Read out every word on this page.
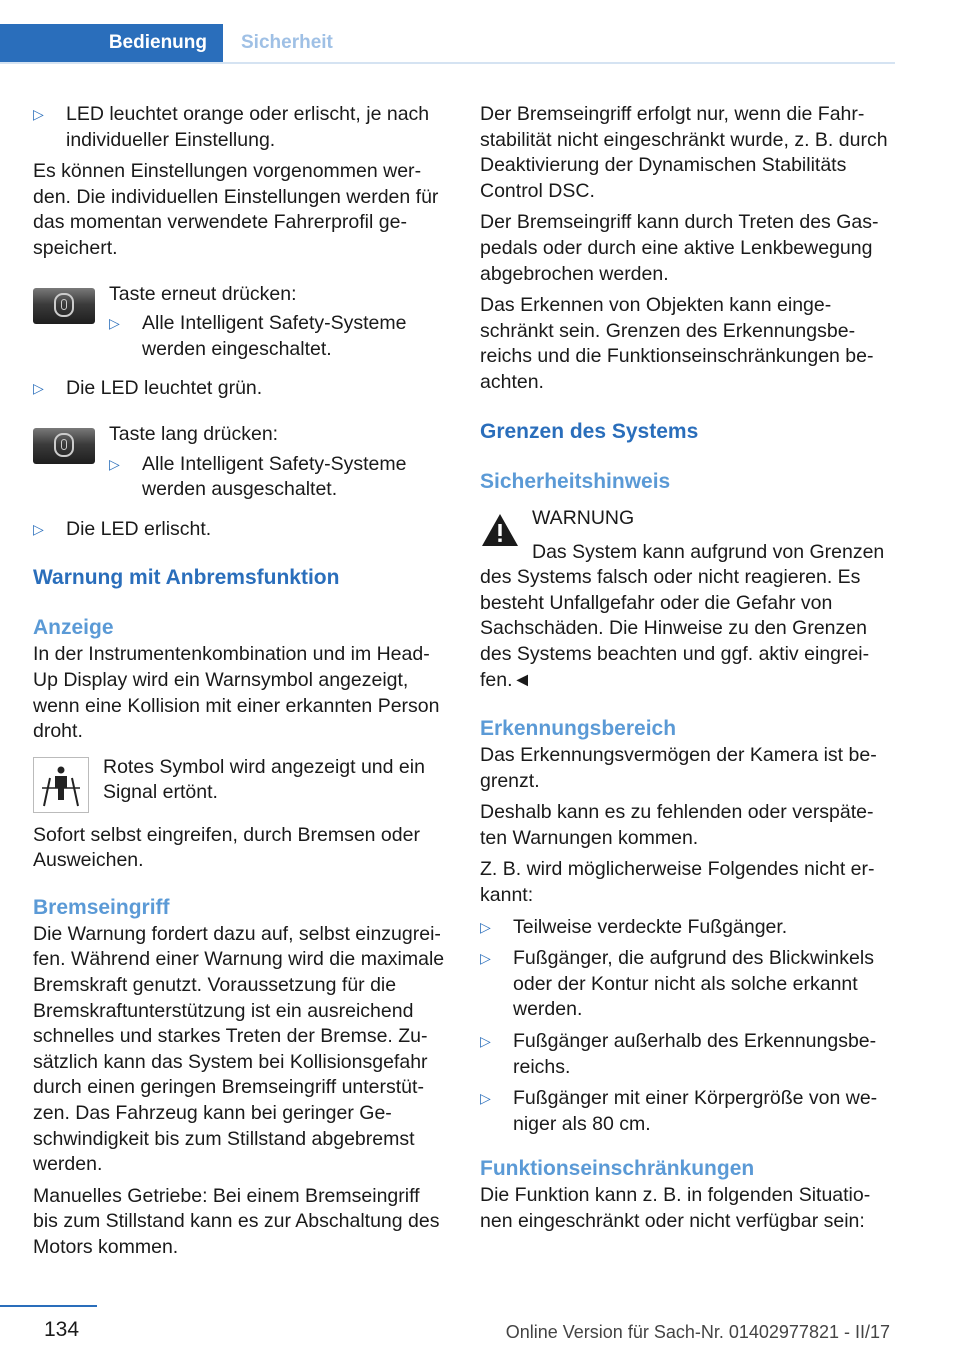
Bedienung	Sicherheit
▷ LED leuchtet orange oder erlischt, je nach individueller Einstellung.

Es können Einstellungen vorgenommen werden. Die individuellen Einstellungen werden für das momentan verwendete Fahrerprofil gespeichert.

Taste erneut drücken:

▷ Alle Intelligent Safety-Systeme werden eingeschaltet.
▷ Die LED leuchtet grün.

Taste lang drücken:

▷ Alle Intelligent Safety-Systeme werden ausgeschaltet.
▷ Die LED erlischt.
Warnung mit Anbremsfunktion
Anzeige

In der Instrumentenkombination und im Head-Up Display wird ein Warnsymbol angezeigt, wenn eine Kollision mit einer erkannten Person droht.

Rotes Symbol wird angezeigt und ein Signal ertönt.

Sofort selbst eingreifen, durch Bremsen oder Ausweichen.

Bremseingriff

Die Warnung fordert dazu auf, selbst einzugreifen. Während einer Warnung wird die maximale Bremskraft genutzt. Voraussetzung für die Bremskraftunterstützung ist ein ausreichend schnelles und starkes Treten der Bremse. Zusätzlich kann das System bei Kollisionsgefahr durch einen geringen Bremseingriff unterstützen. Das Fahrzeug kann bei geringer Geschwindigkeit bis zum Stillstand abgebremst werden.

Manuelles Getriebe: Bei einem Bremseingriff bis zum Stillstand kann es zur Abschaltung des Motors kommen.

Der Bremseingriff erfolgt nur, wenn die Fahrstabilität nicht eingeschränkt wurde, z. B. durch Deaktivierung der Dynamischen Stabilitäts Control DSC.

Der Bremseingriff kann durch Treten des Gaspedals oder durch eine aktive Lenkbewegung abgebrochen werden.

Das Erkennen von Objekten kann eingeschränkt sein. Grenzen des Erkennungsbereichs und die Funktionseinschränkungen beachten.

Grenzen des Systems
Sicherheitshinweis
WARNUNG

Das System kann aufgrund von Grenzen des Systems falsch oder nicht reagieren. Es besteht Unfallgefahr oder die Gefahr von Sachschäden. Die Hinweise zu den Grenzen des Systems beachten und ggf. aktiv eingreifen.◄

Erkennungsbereich

Das Erkennungsvermögen der Kamera ist begrenzt.

Deshalb kann es zu fehlenden oder verspäteten Warnungen kommen.

Z. B. wird möglicherweise Folgendes nicht erkannt:

▷ Teilweise verdeckte Fußgänger.
▷ Fußgänger, die aufgrund des Blickwinkels oder der Kontur nicht als solche erkannt werden.
▷ Fußgänger außerhalb des Erkennungsbereichs.
▷ Fußgänger mit einer Körpergröße von weniger als 80 cm.
Funktionseinschränkungen

Die Funktion kann z. B. in folgenden Situationen eingeschränkt oder nicht verfügbar sein:

134	Online Version für Sach-Nr. 01402977821 - II/17
